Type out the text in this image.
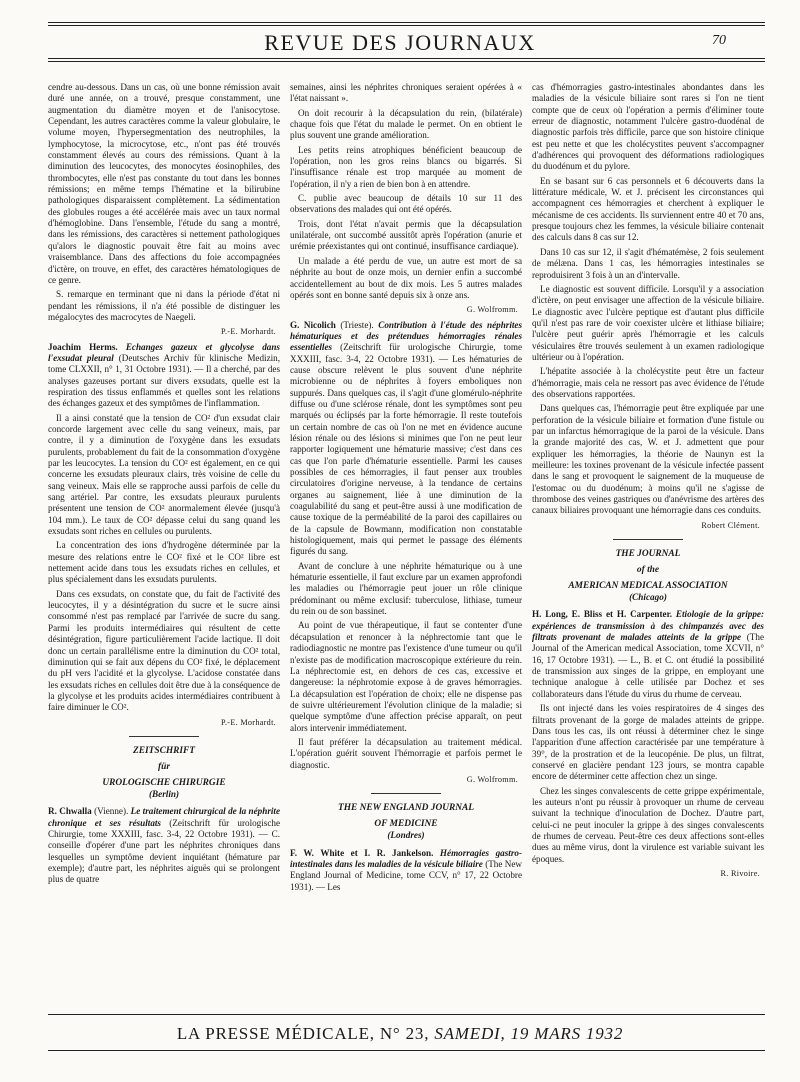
REVUE DES JOURNAUX	70

cendre au-dessous. Dans un cas, où une bonne rémission avait duré une année, on a trouvé, presque constamment, une augmentation du diamètre moyen et de l'anisocytose. Cependant, les autres caractères comme la valeur globulaire, le volume moyen, l'hypersegmentation des neutrophiles, la lymphocytose, la microcytose, etc., n'ont pas été trouvés constamment élevés au cours des rémissions. Quant à la diminution des leucocytes, des monocytes éosinophiles, des thrombocytes, elle n'est pas constante du tout dans les bonnes rémissions; en même temps l'hématine et la bilirubine pathologiques disparaissent complètement. La sédimentation des globules rouges a été accélérée mais avec un taux normal d'hémoglobine. Dans l'ensemble, l'étude du sang a montré, dans les rémissions, des caractères si nettement pathologiques qu'alors le diagnostic pouvait être fait au moins avec vraisemblance. Dans des affections du foie accompagnées d'ictère, on trouve, en effet, des caractères hématologiques de ce genre.

S. remarque en terminant que ni dans la période d'état ni pendant les rémissions, il n'a été possible de distinguer les mégalocytes des macrocytes de Naegeli.

P.-E. Morhardt.

Joachim Herms. Echanges gazeux et glycolyse dans l'exsudat pleural (Deutsches Archiv für klinische Medizin, tome CLXXII, n° 1, 31 Octobre 1931). — Il a cherché, par des analyses gazeuses portant sur divers exsudats, quelle est la respiration des tissus enflammés et quelles sont les relations des échanges gazeux et des symptômes de l'inflammation.

Il a ainsi constaté que la tension de CO² d'un exsudat clair concorde largement avec celle du sang veineux, mais, par contre, il y a diminution de l'oxygène dans les exsudats purulents, probablement du fait de la consommation d'oxygène par les leucocytes. La tension du CO² est également, en ce qui concerne les exsudats pleuraux clairs, très voisine de celle du sang veineux. Mais elle se rapproche aussi parfois de celle du sang artériel. Par contre, les exsudats pleuraux purulents présentent une tension de CO² anormalement élevée (jusqu'à 104 mm.). Le taux de CO² dépasse celui du sang quand les exsudats sont riches en cellules ou purulents.

La concentration des ions d'hydrogène déterminée par la mesure des relations entre le CO² fixé et le CO² libre est nettement acide dans tous les exsudats riches en cellules, et plus spécialement dans les exsudats purulents.

Dans ces exsudats, on constate que, du fait de l'activité des leucocytes, il y a désintégration du sucre et le sucre ainsi consommé n'est pas remplacé par l'arrivée de sucre du sang. Parmi les produits intermédiaires qui résultent de cette désintégration, figure particulièrement l'acide lactique. Il doit donc un certain parallélisme entre la diminution du CO² total, diminution qui se fait aux dépens du CO² fixé, le déplacement du pH vers l'acidité et la glycolyse. L'acidose constatée dans les exsudats riches en cellules doit être due à la conséquence de la glycolyse et les produits acides intermédiaires contribuent à faire diminuer le CO².

P.-E. Morhardt.
ZEITSCHRIFT
für
UROLOGISCHE CHIRURGIE
(Berlin)

R. Chwalla (Vienne). Le traitement chirurgical de la néphrite chronique et ses résultats (Zeitschrift für urologische Chirurgie, tome XXXIII, fasc. 3-4, 22 Octobre 1931). — C. conseille d'opérer d'une part les néphrites chroniques dans lesquelles un symptôme devient inquiétant (hémature par exemple); d'autre part, les néphrites aiguës qui se prolongent plus de quatre

semaines, ainsi les néphrites chroniques seraient opérées à « l'état naissant ».

On doit recourir à la décapsulation du rein, (bilatérale) chaque fois que l'état du malade le permet. On en obtient le plus souvent une grande amélioration.

Les petits reins atrophiques bénéficient beaucoup de l'opération, non les gros reins blancs ou bigarrés. Si l'insuffisance rénale est trop marquée au moment de l'opération, il n'y a rien de bien bon à en attendre.

C. publie avec beaucoup de détails 10 sur 11 des observations des malades qui ont été opérés.

Trois, dont l'état n'avait permis que la décapsulation unilatérale, ont succombé aussitôt après l'opération (anurie et urémie préexistantes qui ont continué, insuffisance cardiaque).

Un malade a été perdu de vue, un autre est mort de sa néphrite au bout de onze mois, un dernier enfin a succombé accidentellement au bout de dix mois. Les 5 autres malades opérés sont en bonne santé depuis six à onze ans.

G. Wolfromm.

G. Nicolich (Trieste). Contribution à l'étude des néphrites hématuriques et des prétendues hémorragies rénales essentielles (Zeitschrift für urologische Chirurgie, tome XXXIII, fasc. 3-4, 22 Octobre 1931). — Les hématuries de cause obscure relèvent le plus souvent d'une néphrite microbienne ou de néphrites à foyers emboliques non suppurés. Dans quelques cas, il s'agit d'une glomérulo-néphrite diffuse ou d'une sclérose rénale, dont les symptômes sont peu marqués ou éclipsés par la forte hémorragie. Il reste toutefois un certain nombre de cas où l'on ne met en évidence aucune lésion rénale ou des lésions si minimes que l'on ne peut leur rapporter logiquement une hématurie massive; c'est dans ces cas que l'on parle d'hématurie essentielle. Parmi les causes possibles de ces hémorragies, il faut penser aux troubles circulatoires d'origine nerveuse, à la tendance de certains organes au saignement, liée à une diminution de la coagulabilité du sang et peut-être aussi à une modification de cause toxique de la perméabilité de la paroi des capillaires ou de la capsule de Bowmann, modification non constatable histologiquement, mais qui permet le passage des éléments figurés du sang.

Avant de conclure à une néphrite hématurique ou à une hématurie essentielle, il faut exclure par un examen approfondi les maladies ou l'hémorragie peut jouer un rôle clinique prédominant ou même exclusif: tuberculose, lithiase, tumeur du rein ou de son bassinet.

Au point de vue thérapeutique, il faut se contenter d'une décapsulation et renoncer à la néphrectomie tant que le radiodiagnostic ne montre pas l'existence d'une tumeur ou qu'il n'existe pas de modification macroscopique extérieure du rein. La néphrectomie est, en dehors de ces cas, excessive et dangereuse: la néphrotomie expose à de graves hémorragies. La décapsulation est l'opération de choix; elle ne dispense pas de suivre ultérieurement l'évolution clinique de la maladie; si quelque symptôme d'une affection précise apparaît, on peut alors intervenir immédiatement.

Il faut préférer la décapsulation au traitement médical. L'opération guérit souvent l'hémorragie et parfois permet le diagnostic.

G. Wolfromm.
THE NEW ENGLAND JOURNAL
OF MEDICINE
(Londres)

F. W. White et I. R. Jankelson. Hémorragies gastro-intestinales dans les maladies de la vésicule biliaire (The New England Journal of Medicine, tome CCV, n° 17, 22 Octobre 1931). — Les

cas d'hémorragies gastro-intestinales abondantes dans les maladies de la vésicule biliaire sont rares si l'on ne tient compte que de ceux où l'opération a permis d'éliminer toute erreur de diagnostic, notamment l'ulcère gastro-duodénal de diagnostic parfois très difficile, parce que son histoire clinique est peu nette et que les cholécystites peuvent s'accompagner d'adhérences qui provoquent des déformations radiologiques du duodénum et du pylore.

En se basant sur 6 cas personnels et 6 découverts dans la littérature médicale, W. et J. précisent les circonstances qui accompagnent ces hémorragies et cherchent à expliquer le mécanisme de ces accidents. Ils surviennent entre 40 et 70 ans, presque toujours chez les femmes, la vésicule biliaire contenait des calculs dans 8 cas sur 12.

Dans 10 cas sur 12, il s'agit d'hématémèse, 2 fois seulement de mélæna. Dans 1 cas, les hémorragies intestinales se reproduisirent 3 fois à un an d'intervalle.

Le diagnostic est souvent difficile. Lorsqu'il y a association d'ictère, on peut envisager une affection de la vésicule biliaire. Le diagnostic avec l'ulcère peptique est d'autant plus difficile qu'il n'est pas rare de voir coexister ulcère et lithiase biliaire; l'ulcère peut guérir après l'hémorragie et les calculs vésiculaires être trouvés seulement à un examen radiologique ultérieur ou à l'opération.

L'hépatite associée à la cholécystite peut être un facteur d'hémorragie, mais cela ne ressort pas avec évidence de l'étude des observations rapportées.

Dans quelques cas, l'hémorragie peut être expliquée par une perforation de la vésicule biliaire et formation d'une fistule ou par un infarctus hémorragique de la paroi de la vésicule. Dans la grande majorité des cas, W. et J. admettent que pour expliquer les hémorragies, la théorie de Naunyn est la meilleure: les toxines provenant de la vésicule infectée passent dans le sang et provoquent le saignement de la muqueuse de l'estomac ou du duodénum; à moins qu'il ne s'agisse de thrombose des veines gastriques ou d'anévrisme des artères des canaux biliaires provoquant une hémorragie dans ces conduits.

Robert Clément.
THE JOURNAL
of the
AMERICAN MEDICAL ASSOCIATION
(Chicago)

H. Long, E. Bliss et H. Carpenter. Etiologie de la grippe: expériences de transmission à des chimpanzés avec des filtrats provenant de malades atteints de la grippe (The Journal of the American medical Association, tome XCVII, n° 16, 17 Octobre 1931). — L., B. et C. ont étudié la possibilité de transmission aux singes de la grippe, en employant une technique analogue à celle utilisée par Dochez et ses collaborateurs dans l'étude du virus du rhume de cerveau.

Ils ont injecté dans les voies respiratoires de 4 singes des filtrats provenant de la gorge de malades atteints de grippe. Dans tous les cas, ils ont réussi à déterminer chez le singe l'apparition d'une affection caractérisée par une température à 39°, de la prostration et de la leucopénie. De plus, un filtrat, conservé en glacière pendant 123 jours, se montra capable encore de déterminer cette affection chez un singe.

Chez les singes convalescents de cette grippe expérimentale, les auteurs n'ont pu réussir à provoquer un rhume de cerveau suivant la technique d'inoculation de Dochez. D'autre part, celui-ci ne peut inoculer la grippe à des singes convalescents de rhumes de cerveau. Peut-être ces deux affections sont-elles dues au même virus, dont la virulence est variable suivant les époques.

R. Rivoire.
LA PRESSE MÉDICALE, N° 23, SAMEDI, 19 MARS 1932
